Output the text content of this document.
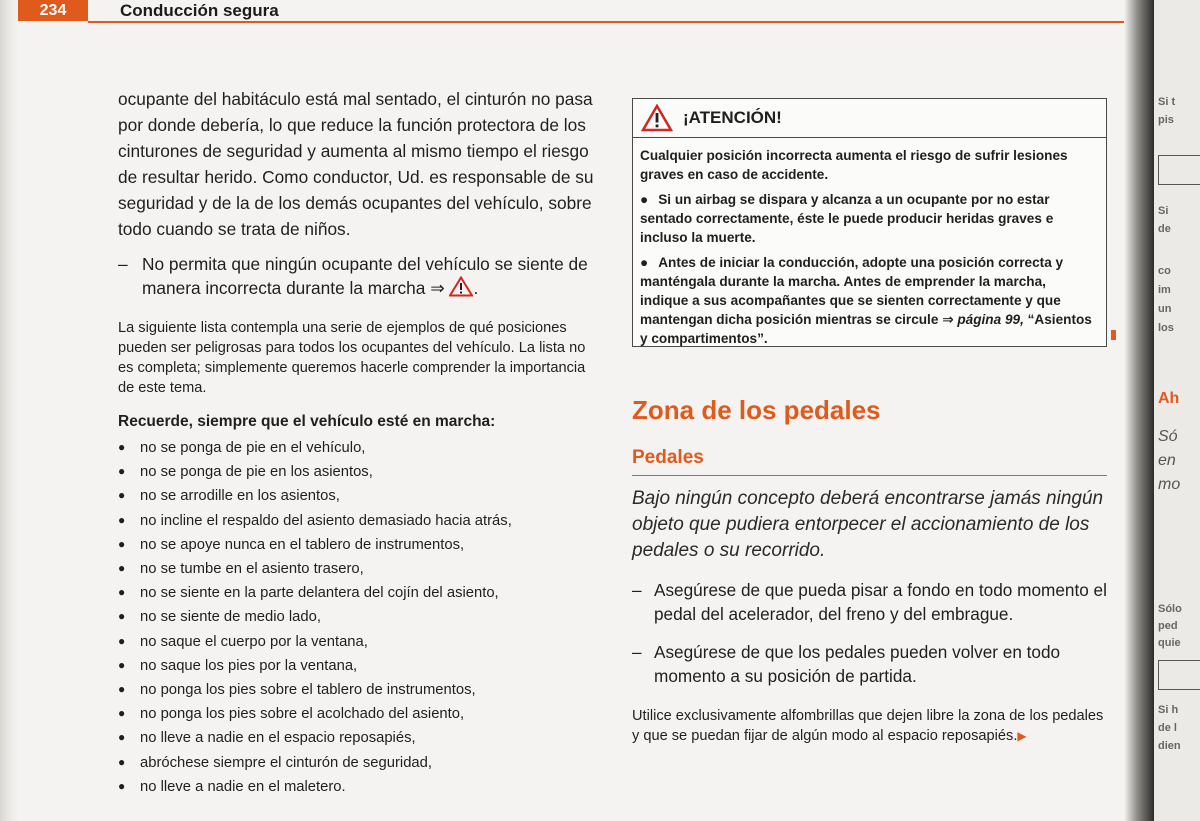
234	Conducción segura

ocupante del habitáculo está mal sentado, el cinturón no pasa por donde debería, lo que reduce la función protectora de los cinturones de seguridad y aumenta al mismo tiempo el riesgo de resultar herido. Como conductor, Ud. es responsable de su seguridad y de la de los demás ocupantes del vehículo, sobre todo cuando se trata de niños.

– No permita que ningún ocupante del vehículo se siente de manera incorrecta durante la marcha ⇒ .

La siguiente lista contempla una serie de ejemplos de qué posiciones pueden ser peligrosas para todos los ocupantes del vehículo. La lista no es completa; simplemente queremos hacerle comprender la importancia de este tema.

Recuerde, siempre que el vehículo esté en marcha:

● no se ponga de pie en el vehículo,
● no se ponga de pie en los asientos,
● no se arrodille en los asientos,
● no incline el respaldo del asiento demasiado hacia atrás,
● no se apoye nunca en el tablero de instrumentos,
● no se tumbe en el asiento trasero,
● no se siente en la parte delantera del cojín del asiento,
● no se siente de medio lado,
● no saque el cuerpo por la ventana,
● no saque los pies por la ventana,
● no ponga los pies sobre el tablero de instrumentos,
● no ponga los pies sobre el acolchado del asiento,
● no lleve a nadie en el espacio reposapiés,
● abróchese siempre el cinturón de seguridad,
● no lleve a nadie en el maletero.
¡ATENCIÓN!

Cualquier posición incorrecta aumenta el riesgo de sufrir lesiones graves en caso de accidente.

● Si un airbag se dispara y alcanza a un ocupante por no estar sentado correctamente, éste le puede producir heridas graves e incluso la muerte.

● Antes de iniciar la conducción, adopte una posición correcta y manténgala durante la marcha. Antes de emprender la marcha, indique a sus acompañantes que se sienten correctamente y que mantengan dicha posición mientras se circule ⇒ página 99, “Asientos y compartimentos”.

Zona de los pedales
Pedales

Bajo ningún concepto deberá encontrarse jamás ningún objeto que pudiera entorpecer el accionamiento de los pedales o su recorrido.

– Asegúrese de que pueda pisar a fondo en todo momento el pedal del acelerador, del freno y del embrague.
– Asegúrese de que los pedales pueden volver en todo momento a su posición de partida.

Utilice exclusivamente alfombrillas que dejen libre la zona de los pedales y que se puedan fijar de algún modo al espacio reposapiés.▶

Si t
pis
Si
de
co
im
un
los
Ah
Só
en
mo
Sólo
ped
quie
Si h
de l
dien
